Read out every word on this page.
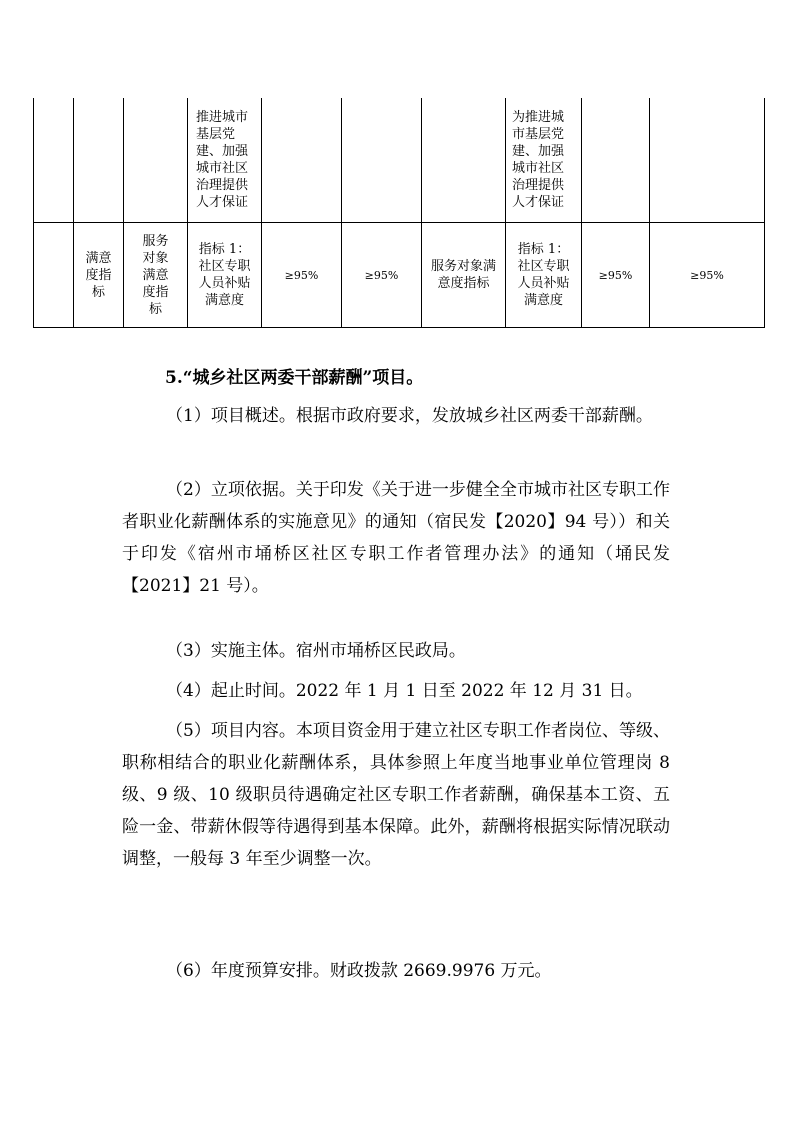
			推进城市基层党建、加强城市社区治理提供人才保证				为推进城市基层党建、加强城市社区治理提供人才保证		

	满意度指标	服务对象满意度指标	指标 1：社区专职人员补贴满意度	≥95%	≥95%	服务对象满意度指标	指标 1：社区专职人员补贴满意度	≥95%	≥95%
5.“城乡社区两委干部薪酬”项目。
（1）项目概述。根据市政府要求，发放城乡社区两委干部薪酬。
（2）立项依据。关于印发《关于进一步健全全市城市社区专职工作者职业化薪酬体系的实施意见》的通知（宿民发【2020】94 号））和关于印发《宿州市埇桥区社区专职工作者管理办法》的通知（埇民发【2021】21 号）。
（3）实施主体。宿州市埇桥区民政局。
（4）起止时间。2022 年 1 月 1 日至 2022 年 12 月 31 日。
（5）项目内容。本项目资金用于建立社区专职工作者岗位、等级、职称相结合的职业化薪酬体系，具体参照上年度当地事业单位管理岗 8 级、9 级、10 级职员待遇确定社区专职工作者薪酬，确保基本工资、五险一金、带薪休假等待遇得到基本保障。此外，薪酬将根据实际情况联动调整，一般每 3 年至少调整一次。
（6）年度预算安排。财政拨款 2669.9976 万元。
